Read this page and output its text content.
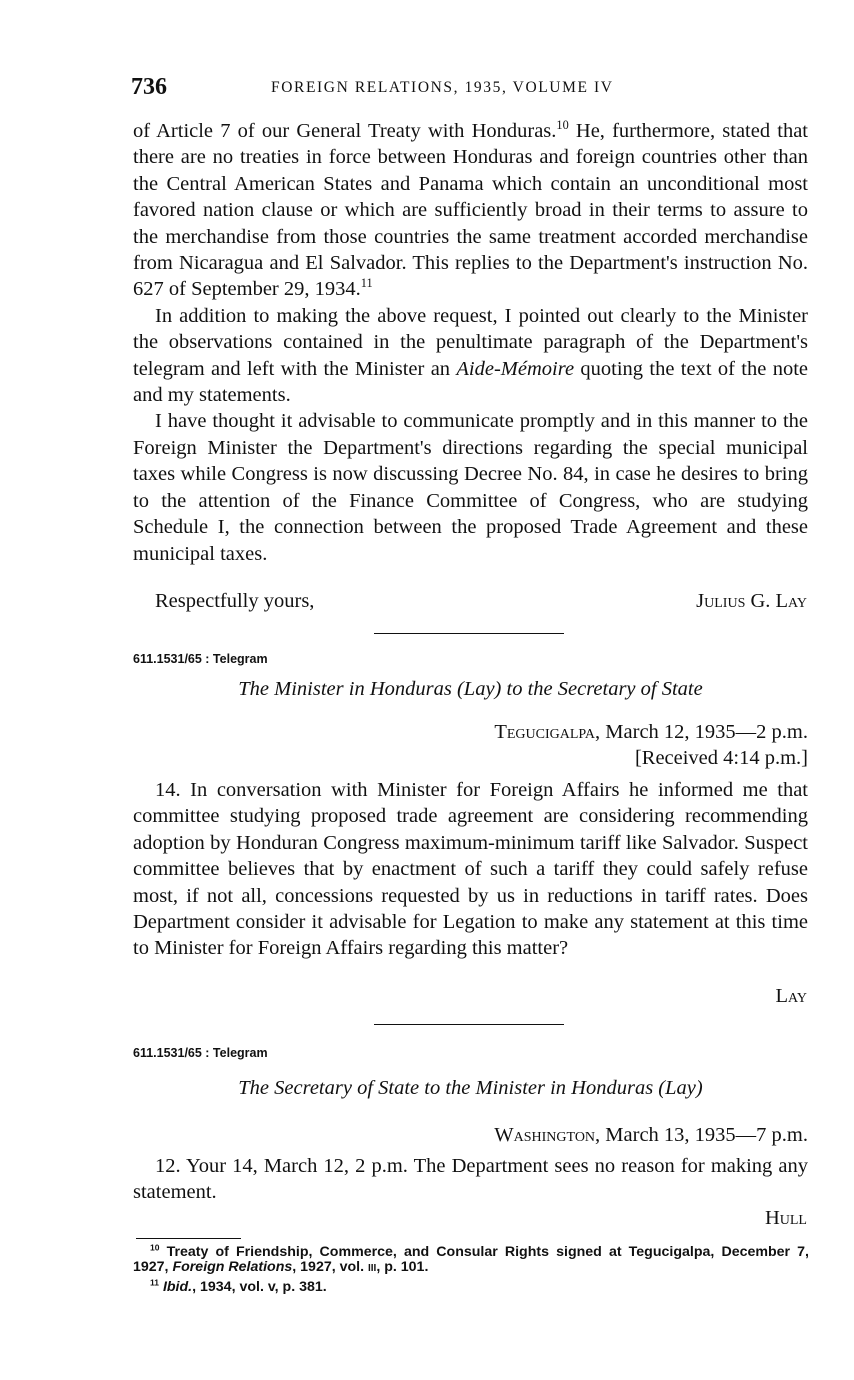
736	FOREIGN RELATIONS, 1935, VOLUME IV

of Article 7 of our General Treaty with Honduras.$^{10}$ He, furthermore, stated that there are no treaties in force between Honduras and foreign countries other than the Central American States and Panama which contain an unconditional most favored nation clause or which are sufficiently broad in their terms to assure to the merchandise from those countries the same treatment accorded merchandise from Nicaragua and El Salvador. This replies to the Department's instruction No. 627 of September 29, 1934.11

In addition to making the above request, I pointed out clearly to the Minister the observations contained in the penultimate paragraph of the Department's telegram and left with the Minister an Aide-Mémoire quoting the text of the note and my statements.

I have thought it advisable to communicate promptly and in this manner to the Foreign Minister the Department's directions regarding the special municipal taxes while Congress is now discussing Decree No. 84, in case he desires to bring to the attention of the Finance Committee of Congress, who are studying Schedule I, the connection between the proposed Trade Agreement and these municipal taxes.

Respectfully yours,	Julius G. Lay
611.1531/65 : Telegram
The Minister in Honduras (Lay) to the Secretary of State
Tegucigalpa, March 12, 1935—2 p.m.
[Received 4:14 p.m.]

14. In conversation with Minister for Foreign Affairs he informed me that committee studying proposed trade agreement are considering recommending adoption by Honduran Congress maximum-minimum tariff like Salvador. Suspect committee believes that by enactment of such a tariff they could safely refuse most, if not all, concessions requested by us in reductions in tariff rates. Does Department consider it advisable for Legation to make any statement at this time to Minister for Foreign Affairs regarding this matter?

Lay
611.1531/65 : Telegram
The Secretary of State to the Minister in Honduras (Lay)
Washington, March 13, 1935—7 p.m.

12. Your 14, March 12, 2 p.m. The Department sees no reason for making any statement.

Hull
$^{10}$ Treaty of Friendship, Commerce, and Consular Rights signed at Tegucigalpa, December 7, 1927, Foreign Relations, 1927, vol. iii, p. 101.
$^{11}$ Ibid., 1934, vol. v, p. 381.
